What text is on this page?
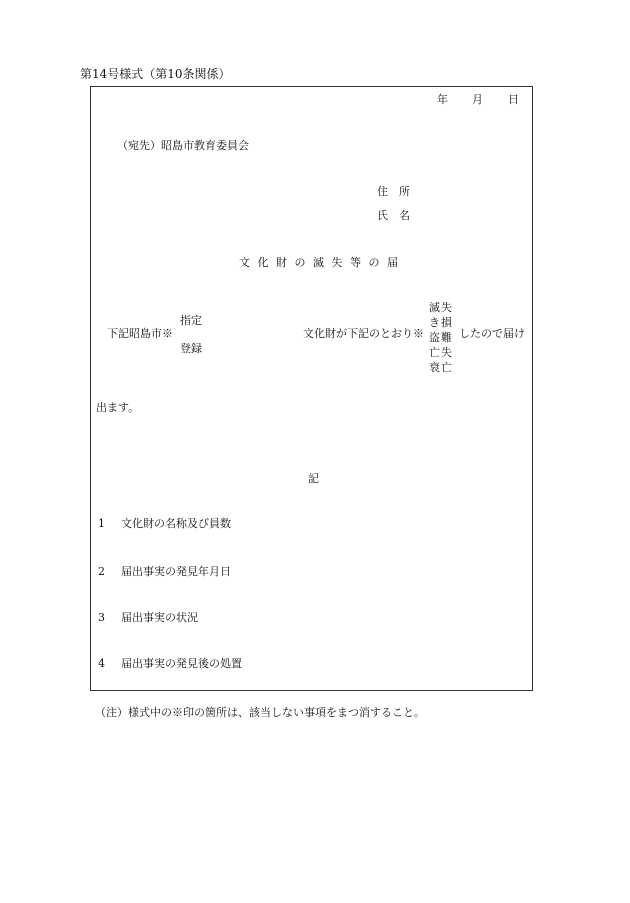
第14号様式（第10条関係）
年 月 日
（宛先）昭島市教育委員会
住　所
氏　名
文 化 財 の 滅 失 等 の 届
下記昭島市※
指定
登録
文化財が下記のとおり※
滅
き
盗
亡
衰
失
損
難
失
亡
したので届け
出ます。
記
1 文化財の名称及び員数
2 届出事実の発見年月日
3 届出事実の状況
4 届出事実の発見後の処置
（注）様式中の※印の箇所は、該当しない事項をまつ消すること。
